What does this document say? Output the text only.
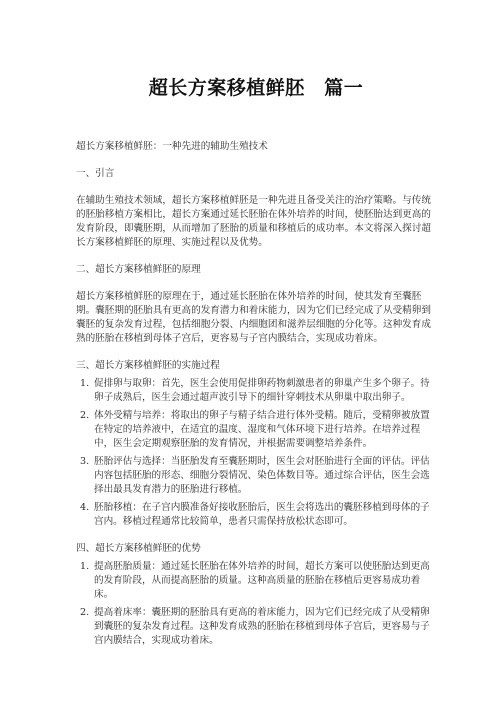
超长方案移植鲜胚　篇一

超长方案移植鲜胚：一种先进的辅助生殖技术

一、引言

在辅助生殖技术领域，超长方案移植鲜胚是一种先进且备受关注的治疗策略。与传统的胚胎移植方案相比，超长方案通过延长胚胎在体外培养的时间，使胚胎达到更高的发育阶段，即囊胚期，从而增加了胚胎的质量和移植后的成功率。本文将深入探讨超长方案移植鲜胚的原理、实施过程以及优势。

二、超长方案移植鲜胚的原理

超长方案移植鲜胚的原理在于，通过延长胚胎在体外培养的时间，使其发育至囊胚期。囊胚期的胚胎具有更高的发育潜力和着床能力，因为它们已经完成了从受精卵到囊胚的复杂发育过程，包括细胞分裂、内细胞团和滋养层细胞的分化等。这种发育成熟的胚胎在移植到母体子宫后，更容易与子宫内膜结合，实现成功着床。

三、超长方案移植鲜胚的实施过程

1. 促排卵与取卵：首先，医生会使用促排卵药物刺激患者的卵巢产生多个卵子。待卵子成熟后，医生会通过超声波引导下的细针穿刺技术从卵巢中取出卵子。
2. 体外受精与培养：将取出的卵子与精子结合进行体外受精。随后，受精卵被放置在特定的培养液中，在适宜的温度、湿度和气体环境下进行培养。在培养过程中，医生会定期观察胚胎的发育情况，并根据需要调整培养条件。
3. 胚胎评估与选择：当胚胎发育至囊胚期时，医生会对胚胎进行全面的评估。评估内容包括胚胎的形态、细胞分裂情况、染色体数目等。通过综合评估，医生会选择出最具发育潜力的胚胎进行移植。
4. 胚胎移植：在子宫内膜准备好接收胚胎后，医生会将选出的囊胚移植到母体的子宫内。移植过程通常比较简单，患者只需保持放松状态即可。

四、超长方案移植鲜胚的优势

1. 提高胚胎质量：通过延长胚胎在体外培养的时间，超长方案可以使胚胎达到更高的发育阶段，从而提高胚胎的质量。这种高质量的胚胎在移植后更容易成功着床。
2. 提高着床率：囊胚期的胚胎具有更高的着床能力，因为它们已经完成了从受精卵到囊胚的复杂发育过程。这种发育成熟的胚胎在移植到母体子宫后，更容易与子宫内膜结合，实现成功着床。
